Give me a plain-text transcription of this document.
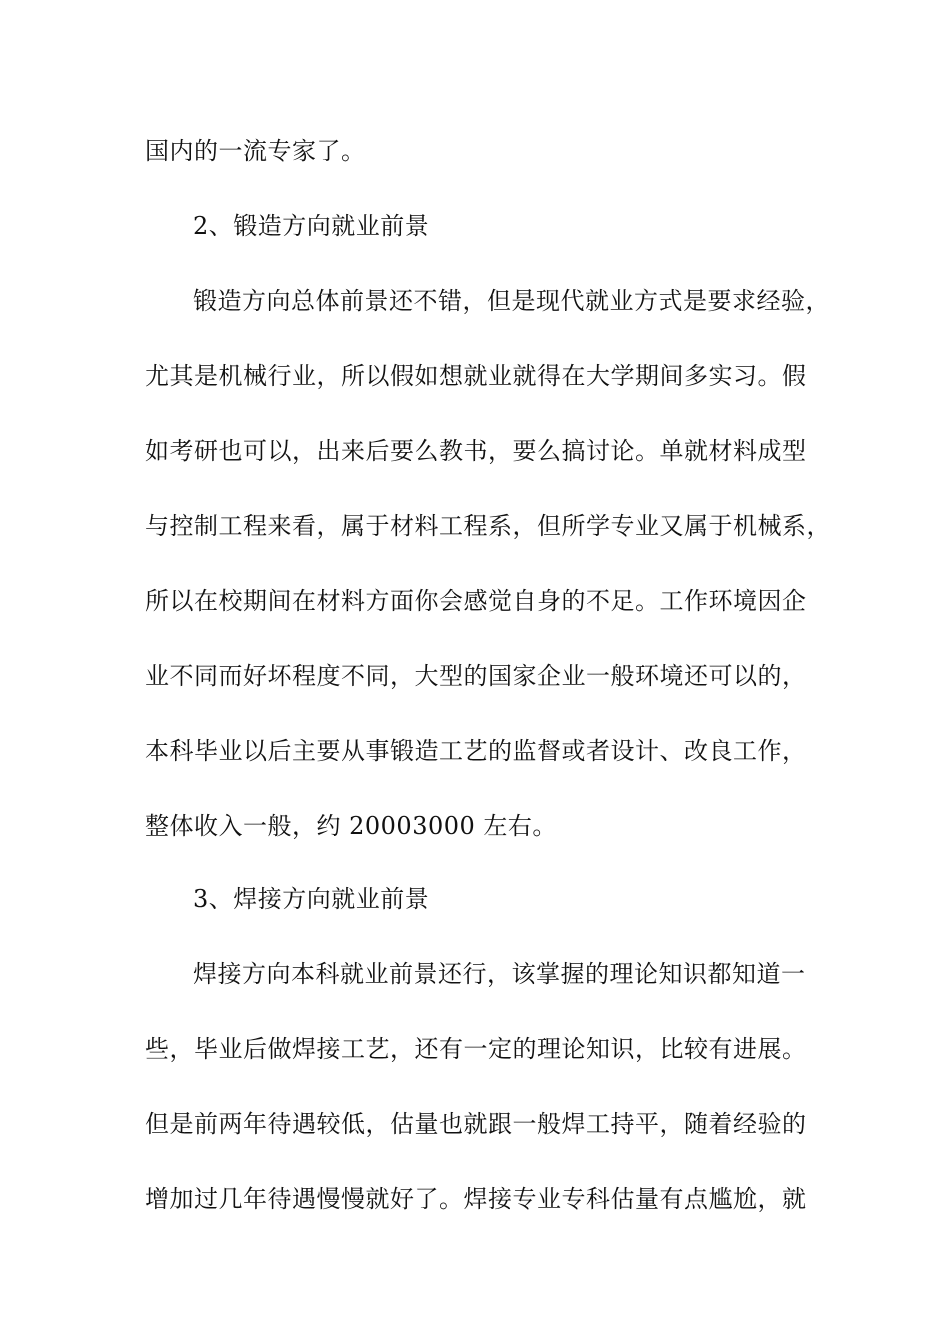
国内的一流专家了。
2、锻造方向就业前景
锻造方向总体前景还不错，但是现代就业方式是要求经验，
尤其是机械行业，所以假如想就业就得在大学期间多实习。假
如考研也可以，出来后要么教书，要么搞讨论。单就材料成型
与控制工程来看，属于材料工程系，但所学专业又属于机械系，
所以在校期间在材料方面你会感觉自身的不足。工作环境因企
业不同而好坏程度不同，大型的国家企业一般环境还可以的，
本科毕业以后主要从事锻造工艺的监督或者设计、改良工作，
整体收入一般，约 20003000 左右。
3、焊接方向就业前景
焊接方向本科就业前景还行，该掌握的理论知识都知道一
些，毕业后做焊接工艺，还有一定的理论知识，比较有进展。
但是前两年待遇较低，估量也就跟一般焊工持平，随着经验的
增加过几年待遇慢慢就好了。焊接专业专科估量有点尴尬，就
